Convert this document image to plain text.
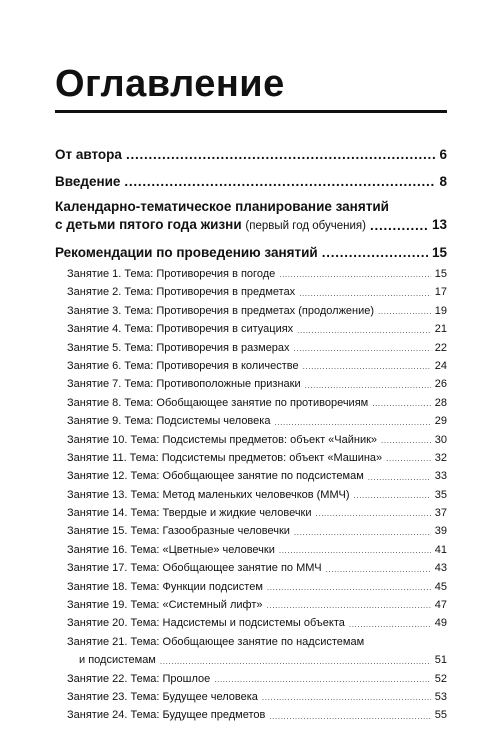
Оглавление
От автора . . .	6
Введение . . .	8
Календарно-тематическое планирование занятий
с детьми пятого года жизни (первый год обучения) . . .	13
Рекомендации по проведению занятий . . .	15
Занятие 1. Тема: Противоречия в погоде . . .	15
Занятие 2. Тема: Противоречия в предметах . . .	17
Занятие 3. Тема: Противоречия в предметах (продолжение) . . .	19
Занятие 4. Тема: Противоречия в ситуациях . . .	21
Занятие 5. Тема: Противоречия в размерах . . .	22
Занятие 6. Тема: Противоречия в количестве . . .	24
Занятие 7. Тема: Противоположные признаки . . .	26
Занятие 8. Тема: Обобщающее занятие по противоречиям . . .	28
Занятие 9. Тема: Подсистемы человека . . .	29
Занятие 10. Тема: Подсистемы предметов: объект «Чайник» . . .	30
Занятие 11. Тема: Подсистемы предметов: объект «Машина» . . .	32
Занятие 12. Тема: Обобщающее занятие по подсистемам . . .	33
Занятие 13. Тема: Метод маленьких человечков (ММЧ) . . .	35
Занятие 14. Тема: Твердые и жидкие человечки . . .	37
Занятие 15. Тема: Газообразные человечки . . .	39
Занятие 16. Тема: «Цветные» человечки . . .	41
Занятие 17. Тема: Обобщающее занятие по ММЧ . . .	43
Занятие 18. Тема: Функции подсистем . . .	45
Занятие 19. Тема: «Системный лифт» . . .	47
Занятие 20. Тема: Надсистемы и подсистемы объекта . . .	49
Занятие 21. Тема: Обобщающее занятие по надсистемам
и подсистемам . . .	51
Занятие 22. Тема: Прошлое . . .	52
Занятие 23. Тема: Будущее человека . . .	53
Занятие 24. Тема: Будущее предметов . . .	55
